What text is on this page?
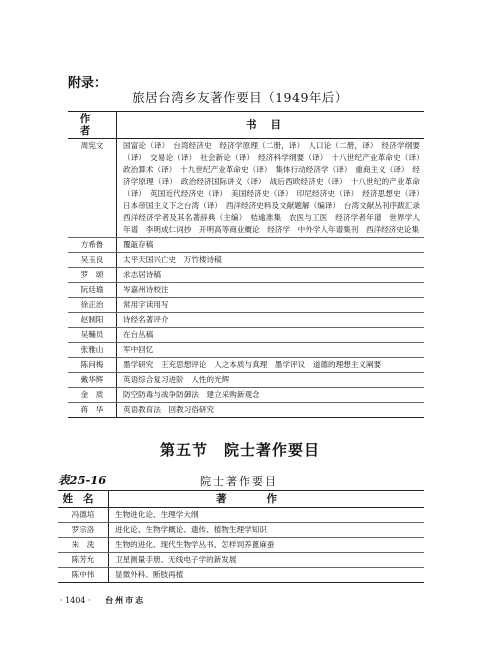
附录：
旅居台湾乡友著作要目（1949年后）
作者	书目
周宪文	国富论（译）　台湾经济史　经济学原理（二册，译）　人口论（二册，译）　经济学纲要（译）　交易论（译）　社会新论（译）　经济科学纲要（译）　十八世纪产业革命史（译）　政治算术（译）　十九世纪产业革命史（译）　集体行动经济学（译）　重商主义（译）　经济学原理（译）　政治经济国际讲义（译）　战后西欧经济史（译）　十八世纪的产业革命（译）　英国近代经济史（译）　美国经济史（译）　印尼经济史（译）　经济思想史（译）　日本帝国主义下之台湾（译）　西洋经济史料及文献题解（编译）　台湾文献丛刊序跋汇录　西洋经济学者及其名著辞典（主编）　桔逾准集　农医与工医　经济学者年谱　世界学人年谱　李明成仁词抄　开明高等商业概论　经济学　中外学人年谱集刊　西洋经济史论集
方希鲁	覆瓿存稿
吴玉良	太平天国兴亡史　万竹楼诗稿
罗　颂	求志居诗稿
阮廷瑜	岑嘉州诗校注
徐正治	常用字读用写
赵制阳	诗经名著评介
吴輔员	在台丛稿
张雅山	军中回忆
陈问梅	墨学研究　王充思想评论　人之本质与真理　墨学评议　道德的理想主义阐要
戴华辉	英语综合复习进阶　人性的光辉
金　质	防空防毒与战争防御法　建立采购新观念
蒋　华	英语教育法　回教习俗研究
第五节　院士著作要目
表25-16	院士著作要目
姓名	著作
冯德培	生物进化论、生理学大纲
罗宗洛	进化论、生物学概论、遗传、植物生理学知识
朱　洗	生物的进化、现代生物学丛书、怎样饲养蓖麻蚕
陈芳允	卫星测量手册、无线电子学的新发展
陈中伟	显微外科、断肢再植
· 1404 · 台州市志
